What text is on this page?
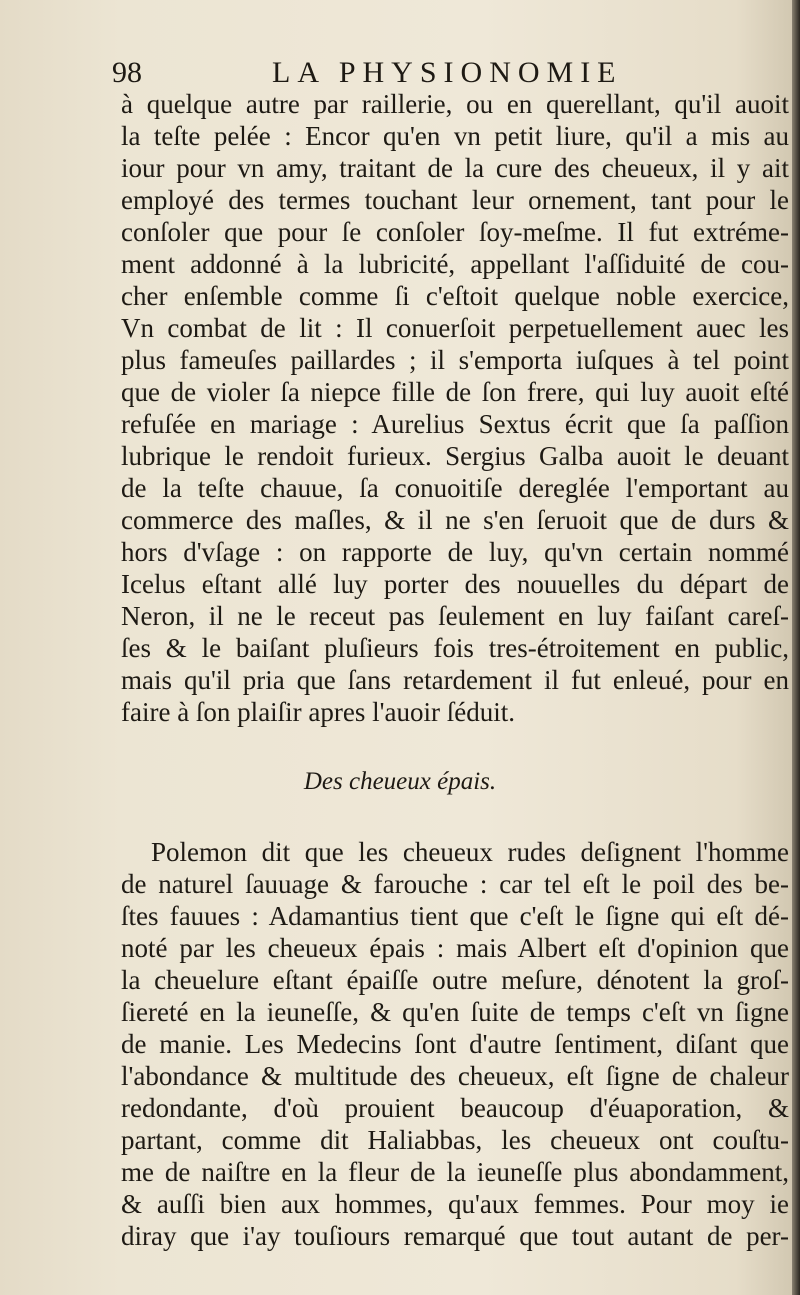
98	LA PHYSIONOMIE
à quelque autre par raillerie, ou en querellant, qu'il auoit
la teſte pelée : Encor qu'en vn petit liure, qu'il a mis au
iour pour vn amy, traitant de la cure des cheueux, il y ait
employé des termes touchant leur ornement, tant pour le
conſoler que pour ſe conſoler ſoy-meſme. Il fut extréme-
ment addonné à la lubricité, appellant l'aſſiduité de cou-
cher enſemble comme ſi c'eſtoit quelque noble exercice,
Vn combat de lit : Il conuerſoit perpetuellement auec les
plus fameuſes paillardes ; il s'emporta iuſques à tel point
que de violer ſa niepce fille de ſon frere, qui luy auoit eſté
refuſée en mariage : Aurelius Sextus écrit que ſa paſſion
lubrique le rendoit furieux. Sergius Galba auoit le deuant
de la teſte chauue, ſa conuoitiſe dereglée l'emportant au
commerce des maſles, & il ne s'en ſeruoit que de durs &
hors d'vſage : on rapporte de luy, qu'vn certain nommé
Icelus eſtant allé luy porter des nouuelles du départ de
Neron, il ne le receut pas ſeulement en luy faiſant careſ-
ſes & le baiſant pluſieurs fois tres-étroitement en public,
mais qu'il pria que ſans retardement il fut enleué, pour en
faire à ſon plaiſir apres l'auoir ſéduit.
Des cheueux épais.
Polemon dit que les cheueux rudes deſignent l'homme
de naturel ſauuage & farouche : car tel eſt le poil des be-
ſtes fauues : Adamantius tient que c'eſt le ſigne qui eſt dé-
noté par les cheueux épais : mais Albert eſt d'opinion que
la cheuelure eſtant épaiſſe outre meſure, dénotent la groſ-
ſiereté en la ieuneſſe, & qu'en ſuite de temps c'eſt vn ſigne
de manie. Les Medecins ſont d'autre ſentiment, diſant que
l'abondance & multitude des cheueux, eſt ſigne de chaleur
redondante, d'où prouient beaucoup d'éuaporation, &
partant, comme dit Haliabbas, les cheueux ont couſtu-
me de naiſtre en la fleur de la ieuneſſe plus abondamment,
& auſſi bien aux hommes, qu'aux femmes. Pour moy ie
diray que i'ay touſiours remarqué que tout autant de per-
